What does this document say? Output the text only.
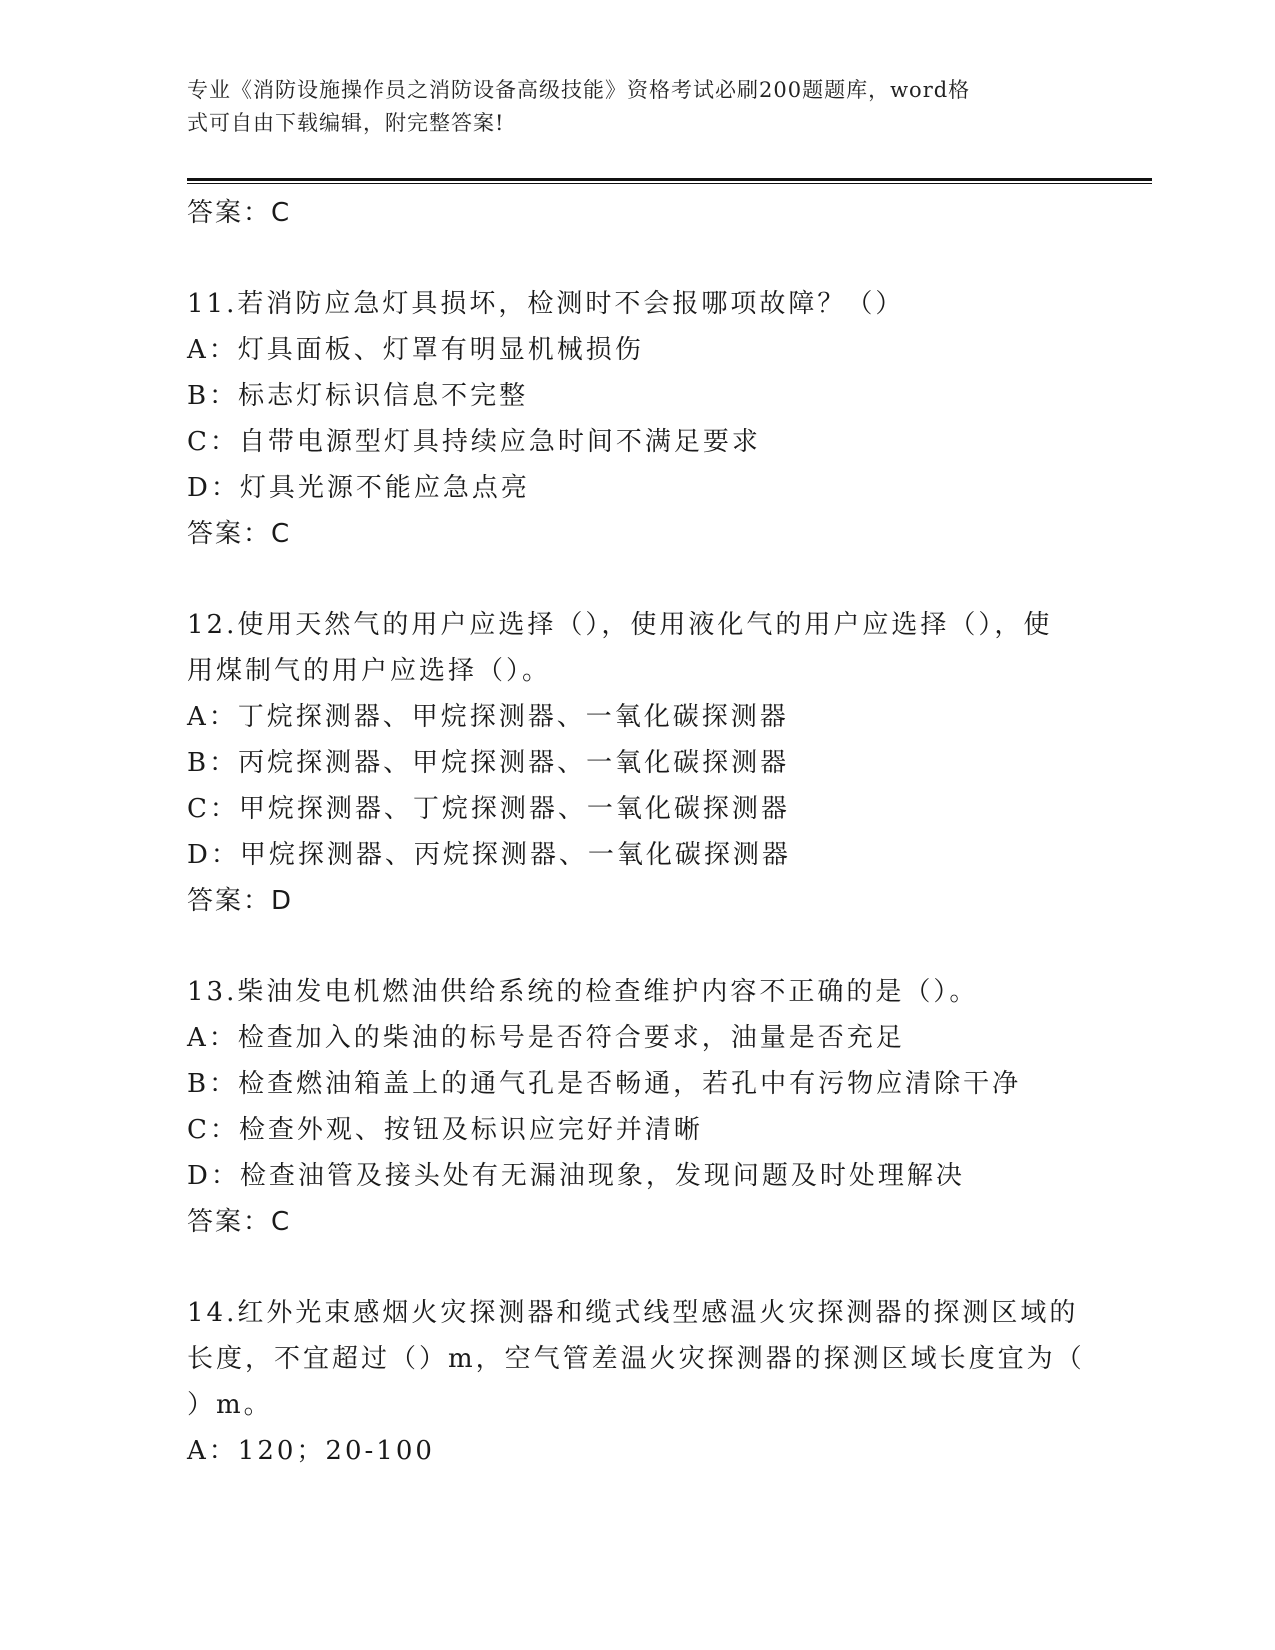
专业《消防设施操作员之消防设备高级技能》资格考试必刷200题题库，word格
式可自由下载编辑，附完整答案!
答案：C
11.若消防应急灯具损坏，检测时不会报哪项故障？（）
A：灯具面板、灯罩有明显机械损伤
B：标志灯标识信息不完整
C：自带电源型灯具持续应急时间不满足要求
D：灯具光源不能应急点亮
答案：C
12.使用天然气的用户应选择（），使用液化气的用户应选择（），使
用煤制气的用户应选择（）。
A：丁烷探测器、甲烷探测器、一氧化碳探测器
B：丙烷探测器、甲烷探测器、一氧化碳探测器
C：甲烷探测器、丁烷探测器、一氧化碳探测器
D：甲烷探测器、丙烷探测器、一氧化碳探测器
答案：D
13.柴油发电机燃油供给系统的检查维护内容不正确的是（）。
A：检查加入的柴油的标号是否符合要求，油量是否充足
B：检查燃油箱盖上的通气孔是否畅通，若孔中有污物应清除干净
C：检查外观、按钮及标识应完好并清晰
D：检查油管及接头处有无漏油现象，发现问题及时处理解决
答案：C
14.红外光束感烟火灾探测器和缆式线型感温火灾探测器的探测区域的
长度，不宜超过（）m，空气管差温火灾探测器的探测区域长度宜为（
）m。
A：120；20-100
